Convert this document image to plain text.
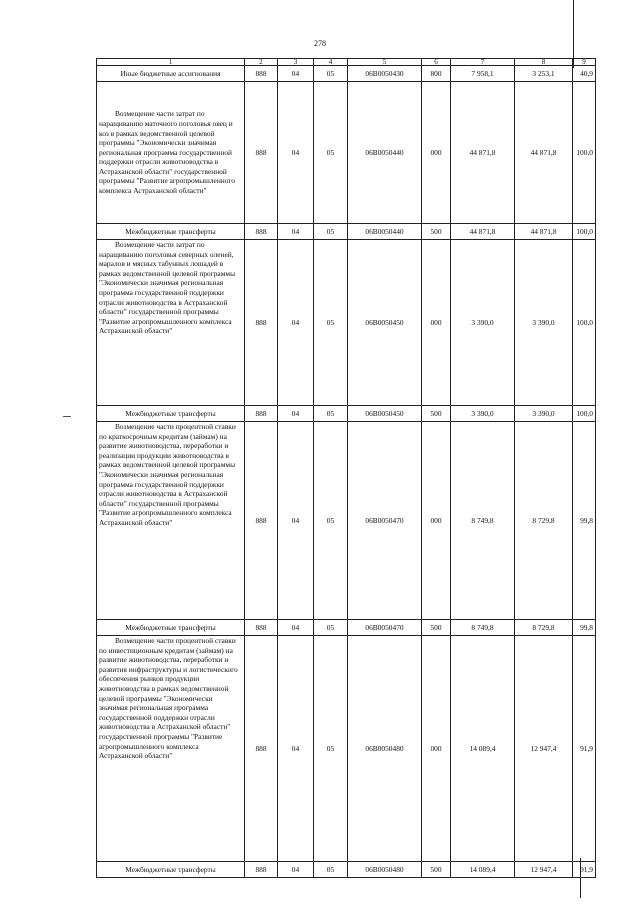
278
1	2	3	4	5	6	7	8	9
Иные бюджетные ассигнования	888	04	05	06В0050430	800	7 958,1	3 253,1	40,9

Возмещение части затрат по наращиванию маточного поголовья овец и коз в рамках ведомственной целевой программы "Экономически значимая региональная программа государственной поддержки отрасли животноводства в Астраханской области" государственной программы "Развитие агропромышленного комплекса Астраханской области"	888	04	05	06В0050440	000	44 871,8	44 871,8	100,0
Межбюджетные трансферты	888	04	05	06В0050440	500	44 871,8	44 871,8	100,0

Возмещение части затрат по наращиванию поголовья северных оленей, маралов и мясных табунных лошадей в рамках ведомственной целевой программы "Экономически значимая региональная программа государственной поддержки отрасли животноводства в Астраханской области" государственной программы "Развитие агропромышленного комплекса Астраханской области"	888	04	05	06В0050450	000	3 390,0	3 390,0	100,0
Межбюджетные трансферты	888	04	05	06В0050450	500	3 390,0	3 390,0	100,0

Возмещение части процентной ставки по краткосрочным кредитам (займам) на развитие животноводства, переработки и реализации продукции животноводства в рамках ведомственной целевой программы "Экономически значимая региональная программа государственной поддержки отрасли животноводства в Астраханской области" государственной программы "Развитие агропромышленного комплекса Астраханской области"	888	04	05	06В0050470	000	8 749,8	8 729,8	99,8
Межбюджетные трансферты	888	04	05	06В0050470	500	8 749,8	8 729,8	99,8

Возмещение части процентной ставки по инвестиционным кредитам (займам) на развитие животноводства, переработки и развития инфраструктуры и логистического обеспечения рынков продукции животноводства в рамках ведомственной целевой программы "Экономически значимая региональная программа государственной поддержки отрасли животноводства в Астраханской области" государственной программы "Развитие агропромышленного комплекса Астраханской области"	888	04	05	06В0050480	000	14 089,4	12 947,4	91,9
Межбюджетные трансферты	888	04	05	06В0050480	500	14 089,4	12 947,4	91,9
